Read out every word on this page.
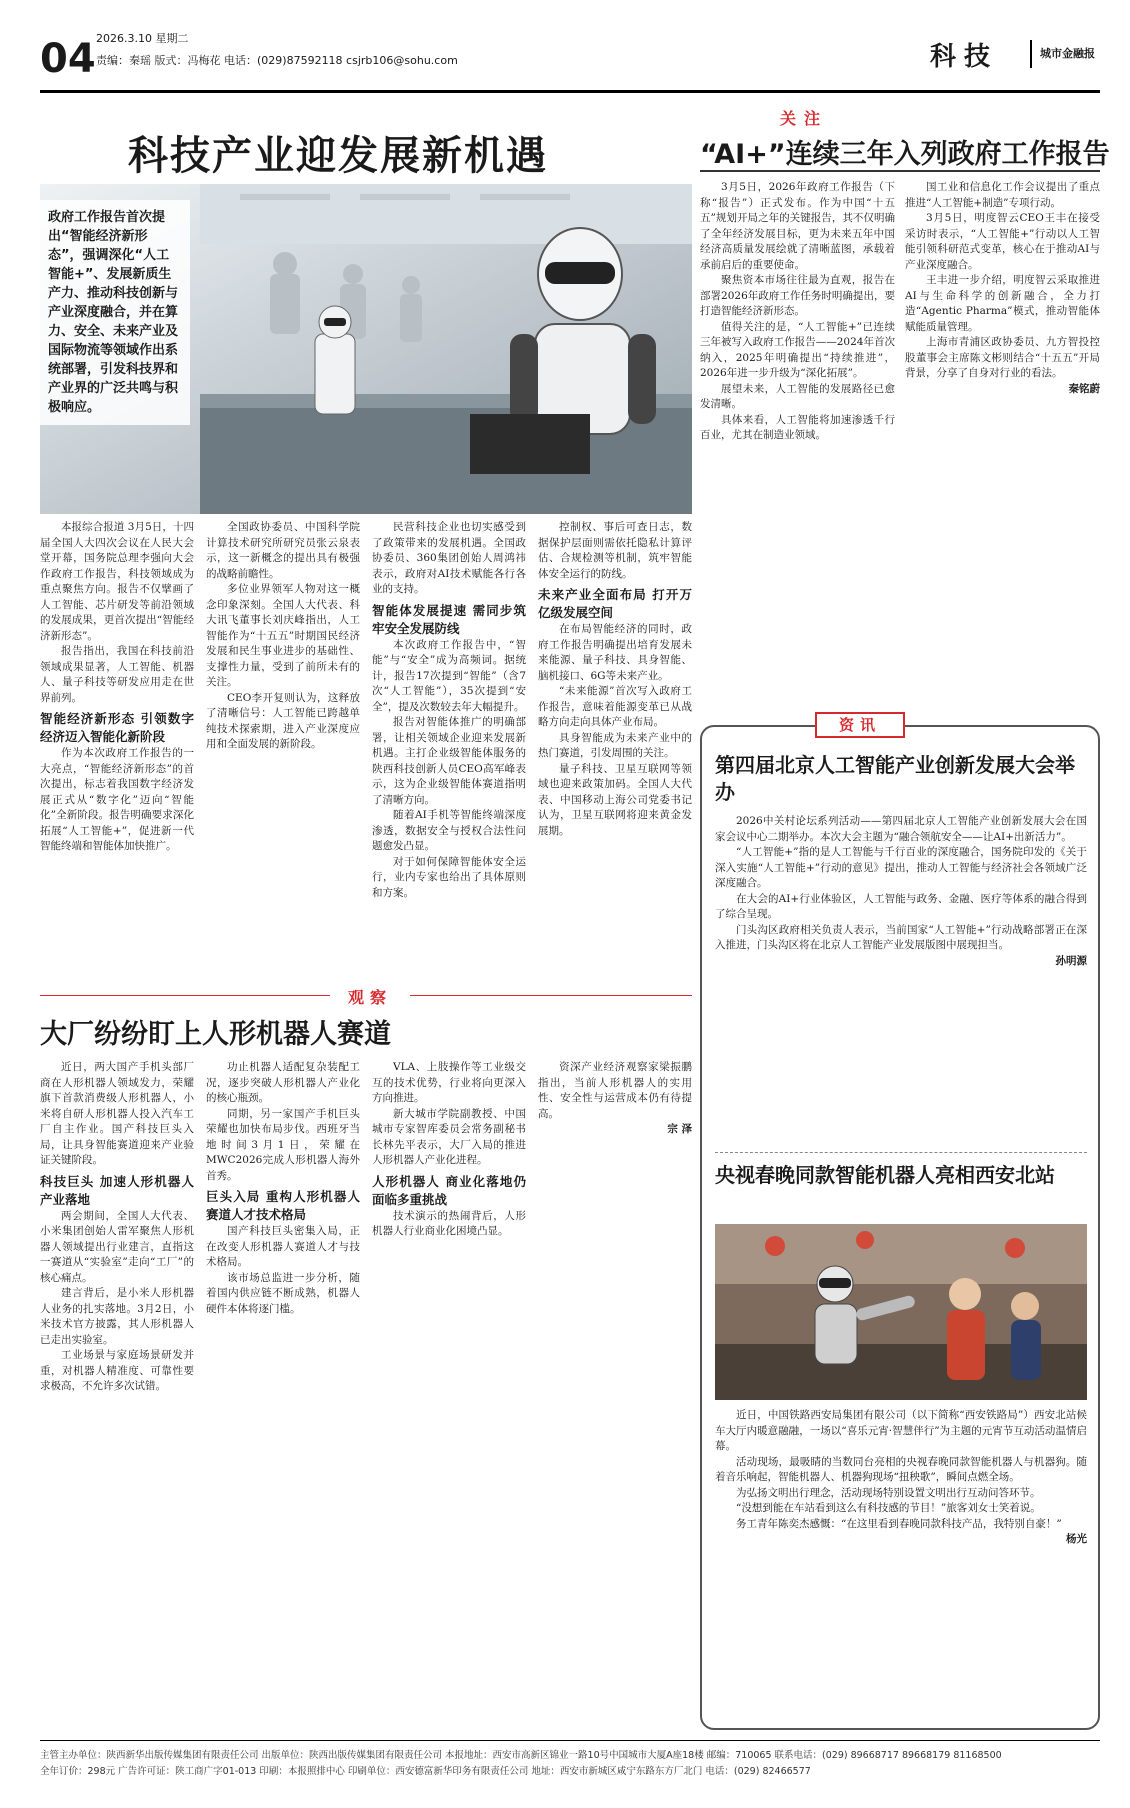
04 2026.3.10 星期二
责编：秦瑶 版式：冯梅花 电话：(029)87592118 csjrb106@sohu.com	科技	城市金融报
科技产业迎发展新机遇
政府工作报告首次提出“智能经济新形态”，强调深化“人工智能+”、发展新质生产力、推动科技创新与产业深度融合，并在算力、安全、未来产业及国际物流等领域作出系统部署，引发科技界和产业界的广泛共鸣与积极响应。

本报综合报道 3月5日，十四届全国人大四次会议在人民大会堂开幕，国务院总理李强向大会作政府工作报告，科技领域成为重点聚焦方向。报告不仅擘画了人工智能、芯片研发等前沿领域的发展成果，更首次提出“智能经济新形态”。

报告指出，我国在科技前沿领域成果显著，人工智能、机器人、量子科技等研发应用走在世界前列。

智能经济新形态 引领数字经济迈入智能化新阶段

作为本次政府工作报告的一大亮点，“智能经济新形态”的首次提出，标志着我国数字经济发展正式从“数字化”迈向“智能化”全新阶段。报告明确要求深化拓展“人工智能+”，促进新一代智能终端和智能体加快推广。

全国政协委员、中国科学院计算技术研究所研究员张云泉表示，这一新概念的提出具有极强的战略前瞻性。

多位业界领军人物对这一概念印象深刻。全国人大代表、科大讯飞董事长刘庆峰指出，人工智能作为“十五五”时期国民经济发展和民生事业进步的基础性、支撑性力量，受到了前所未有的关注。

CEO李开复则认为，这释放了清晰信号：人工智能已跨越单纯技术探索期，进入产业深度应用和全面发展的新阶段。

民营科技企业也切实感受到了政策带来的发展机遇。全国政协委员、360集团创始人周鸿祎表示，政府对AI技术赋能各行各业的支持。

智能体发展提速 需同步筑牢安全发展防线

本次政府工作报告中，“智能”与“安全”成为高频词。据统计，报告17次提到“智能”（含7次“人工智能”），35次提到“安全”，提及次数较去年大幅提升。

报告对智能体推广的明确部署，让相关领域企业迎来发展新机遇。主打企业级智能体服务的陕西科技创新人员CEO高军峰表示，这为企业级智能体赛道指明了清晰方向。

随着AI手机等智能终端深度渗透，数据安全与授权合法性问题愈发凸显。

对于如何保障智能体安全运行，业内专家也给出了具体原则和方案。

控制权、事后可查日志，数据保护层面则需依托隐私计算评估、合规检测等机制，筑牢智能体安全运行的防线。

未来产业全面布局 打开万亿级发展空间

在布局智能经济的同时，政府工作报告明确提出培育发展未来能源、量子科技、具身智能、脑机接口、6G等未来产业。

“未来能源”首次写入政府工作报告，意味着能源变革已从战略方向走向具体产业布局。

具身智能成为未来产业中的热门赛道，引发周围的关注。

量子科技、卫星互联网等领域也迎来政策加码。全国人大代表、中国移动上海公司党委书记认为，卫星互联网将迎来黄金发展期。

观察
大厂纷纷盯上人形机器人赛道

近日，两大国产手机头部厂商在人形机器人领域发力，荣耀旗下首款消费级人形机器人，小米将自研人形机器人投入汽车工厂自主作业。国产科技巨头入局，让具身智能赛道迎来产业验证关键阶段。

科技巨头 加速人形机器人产业落地

两会期间，全国人大代表、小米集团创始人雷军聚焦人形机器人领域提出行业建言，直指这一赛道从“实验室”走向“工厂”的核心痛点。

建言背后，是小米人形机器人业务的扎实落地。3月2日，小米技术官方披露，其人形机器人已走出实验室。

工业场景与家庭场景研发并重，对机器人精准度、可靠性要求极高，不允许多次试错。

功止机器人适配复杂装配工况，逐步突破人形机器人产业化的核心瓶颈。

同期，另一家国产手机巨头荣耀也加快布局步伐。西班牙当地时间3月1日，荣耀在MWC2026完成人形机器人海外首秀。

巨头入局 重构人形机器人赛道人才技术格局

国产科技巨头密集入局，正在改变人形机器人赛道人才与技术格局。

该市场总监进一步分析，随着国内供应链不断成熟，机器人硬件本体将逐门槛。

VLA、上肢操作等工业级交互的技术优势，行业将向更深入方向推进。

新大城市学院副教授、中国城市专家智库委员会常务副秘书长林先平表示，大厂入局的推进人形机器人产业化进程。

人形机器人 商业化落地仍面临多重挑战

技术演示的热闹背后，人形机器人行业商业化困境凸显。

资深产业经济观察家梁振鹏指出，当前人形机器人的实用性、安全性与运营成本仍有待提高。

宗 泽

关注
“AI+”连续三年入列政府工作报告

3月5日，2026年政府工作报告（下称“报告”）正式发布。作为中国“十五五”规划开局之年的关键报告，其不仅明确了全年经济发展目标，更为未来五年中国经济高质量发展绘就了清晰蓝图，承载着承前启后的重要使命。

聚焦资本市场往往最为直观，报告在部署2026年政府工作任务时明确提出，要打造智能经济新形态。

值得关注的是，“人工智能+”已连续三年被写入政府工作报告——2024年首次纳入，2025年明确提出“持续推进”，2026年进一步升级为“深化拓展”。

展望未来，人工智能的发展路径已愈发清晰。

具体来看，人工智能将加速渗透千行百业，尤其在制造业领域。

国工业和信息化工作会议提出了重点推进“人工智能+制造”专项行动。

3月5日，明度智云CEO王丰在接受采访时表示，“人工智能+”行动以人工智能引领科研范式变革，核心在于推动AI与产业深度融合。

王丰进一步介绍，明度智云采取推进AI与生命科学的创新融合，全力打造“Agentic Pharma”模式，推动智能体赋能质量管理。

上海市青浦区政协委员、九方智投控股董事会主席陈文彬则结合“十五五”开局背景，分享了自身对行业的看法。

秦铭蔚

资讯
第四届北京人工智能产业创新发展大会举办

2026中关村论坛系列活动——第四届北京人工智能产业创新发展大会在国家会议中心二期举办。本次大会主题为“融合领航安全——让AI+出新活力”。

“人工智能+”指的是人工智能与千行百业的深度融合，国务院印发的《关于深入实施“人工智能+”行动的意见》提出，推动人工智能与经济社会各领域广泛深度融合。

在大会的AI+行业体验区，人工智能与政务、金融、医疗等体系的融合得到了综合呈现。

门头沟区政府相关负责人表示，当前国家“人工智能+”行动战略部署正在深入推进，门头沟区将在北京人工智能产业发展版图中展现担当。

孙明源

央视春晚同款智能机器人亮相西安北站

近日，中国铁路西安局集团有限公司（以下简称“西安铁路局”）西安北站候车大厅内暖意融融，一场以“喜乐元宵·智慧伴行”为主题的元宵节互动活动温情启幕。

活动现场，最吸睛的当数同台亮相的央视春晚同款智能机器人与机器狗。随着音乐响起，智能机器人、机器狗现场“扭秧歌”，瞬间点燃全场。

为弘扬文明出行理念，活动现场特别设置文明出行互动问答环节。

“没想到能在车站看到这么有科技感的节目！”旅客刘女士笑着说。

务工青年陈奕杰感慨：“在这里看到春晚同款科技产品，我特别自豪！”

杨光

主管主办单位：陕西新华出版传媒集团有限责任公司 出版单位：陕西出版传媒集团有限责任公司 本报地址：西安市高新区锦业一路10号中国城市大厦A座18楼 邮编：710065 联系电话：(029) 89668717 89668179 81168500
全年订价：298元 广告许可证：陕工商广字01-013 印刷：本报照排中心 印刷单位：西安德富新华印务有限责任公司 地址：西安市新城区咸宁东路东方厂北门 电话：(029) 82466577
